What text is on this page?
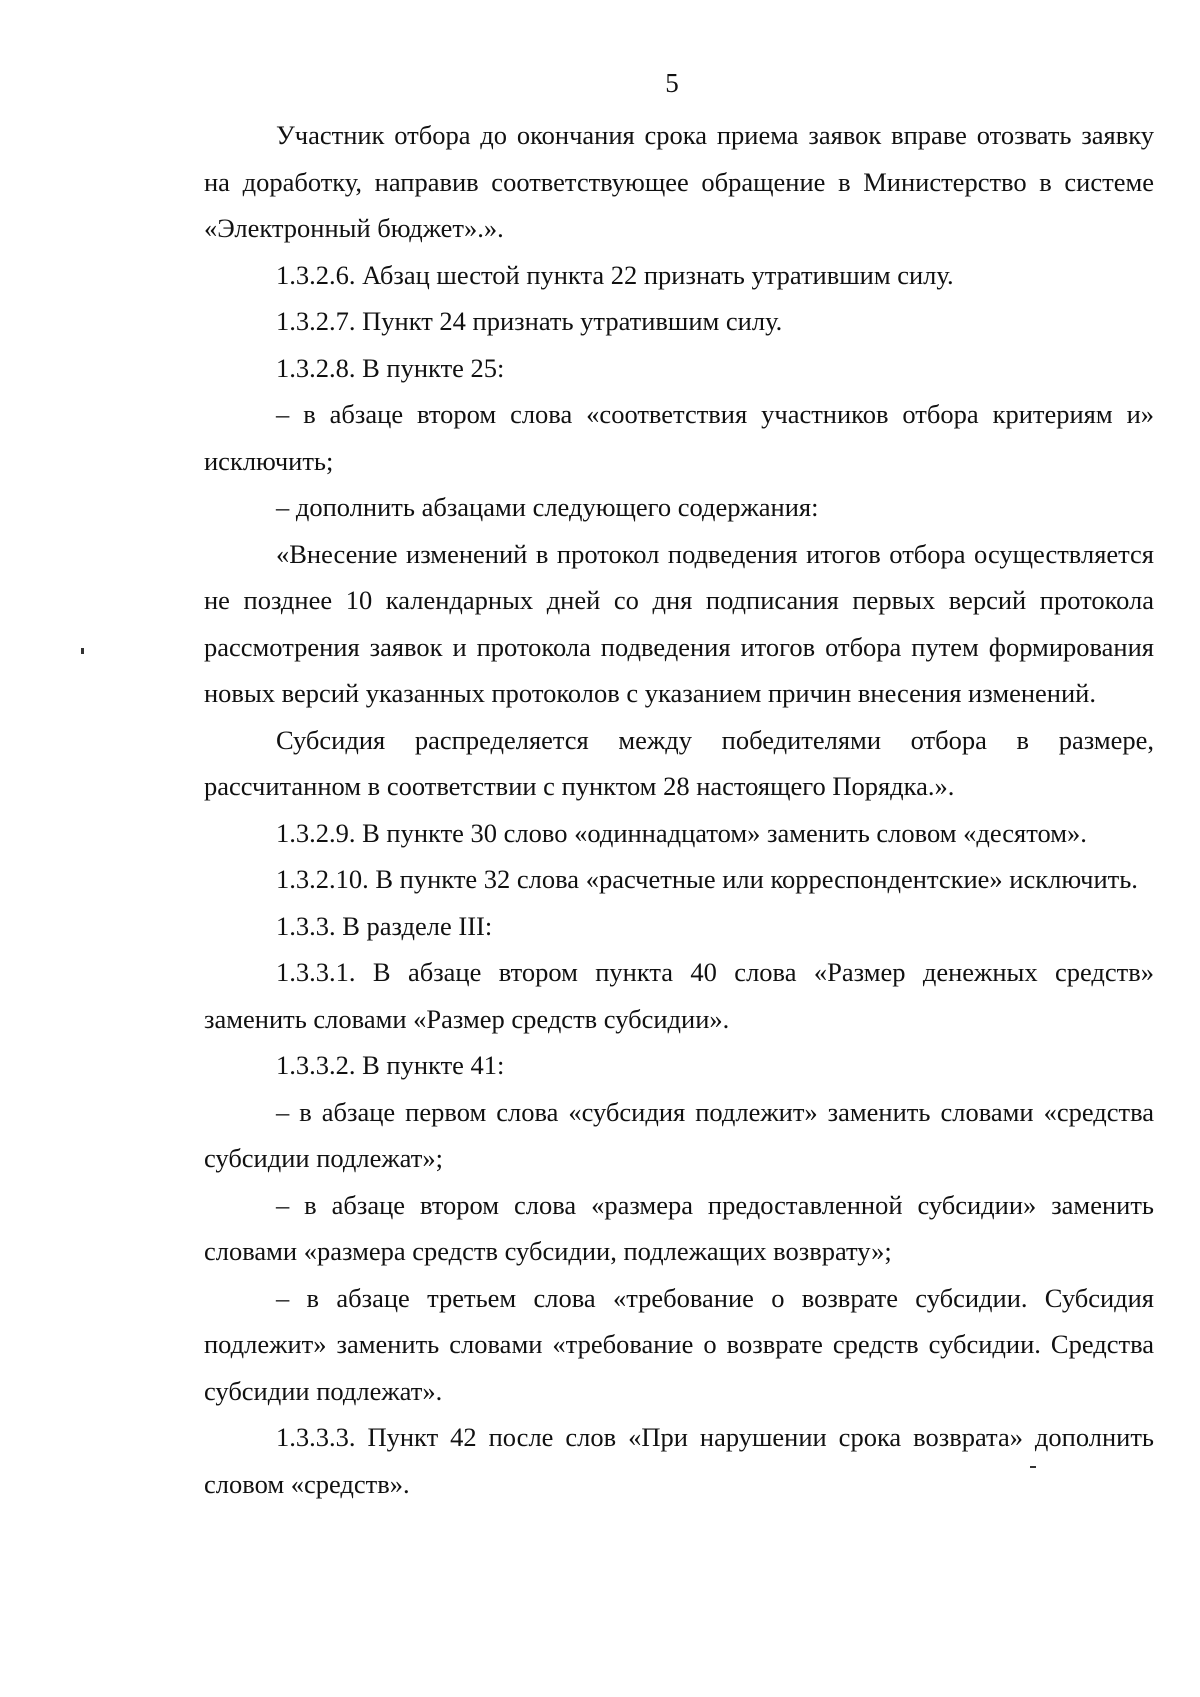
5

Участник отбора до окончания срока приема заявок вправе отозвать заявку на доработку, направив соответствующее обращение в Министерство в системе «Электронный бюджет».».

1.3.2.6. Абзац шестой пункта 22 признать утратившим силу.

1.3.2.7. Пункт 24 признать утратившим силу.

1.3.2.8. В пункте 25:

– в абзаце втором слова «соответствия участников отбора критериям и» исключить;

– дополнить абзацами следующего содержания:

«Внесение изменений в протокол подведения итогов отбора осуществляется не позднее 10 календарных дней со дня подписания первых версий протокола рассмотрения заявок и протокола подведения итогов отбора путем формирования новых версий указанных протоколов с указанием причин внесения изменений.

Субсидия распределяется между победителями отбора в размере, рассчитанном в соответствии с пунктом 28 настоящего Порядка.».

1.3.2.9. В пункте 30 слово «одиннадцатом» заменить словом «десятом».

1.3.2.10. В пункте 32 слова «расчетные или корреспондентские» исключить.

1.3.3. В разделе III:

1.3.3.1. В абзаце втором пункта 40 слова «Размер денежных средств» заменить словами «Размер средств субсидии».

1.3.3.2. В пункте 41:

– в абзаце первом слова «субсидия подлежит» заменить словами «средства субсидии подлежат»;

– в абзаце втором слова «размера предоставленной субсидии» заменить словами «размера средств субсидии, подлежащих возврату»;

– в абзаце третьем слова «требование о возврате субсидии. Субсидия подлежит» заменить словами «требование о возврате средств субсидии. Средства субсидии подлежат».

1.3.3.3. Пункт 42 после слов «При нарушении срока возврата» дополнить словом «средств».
